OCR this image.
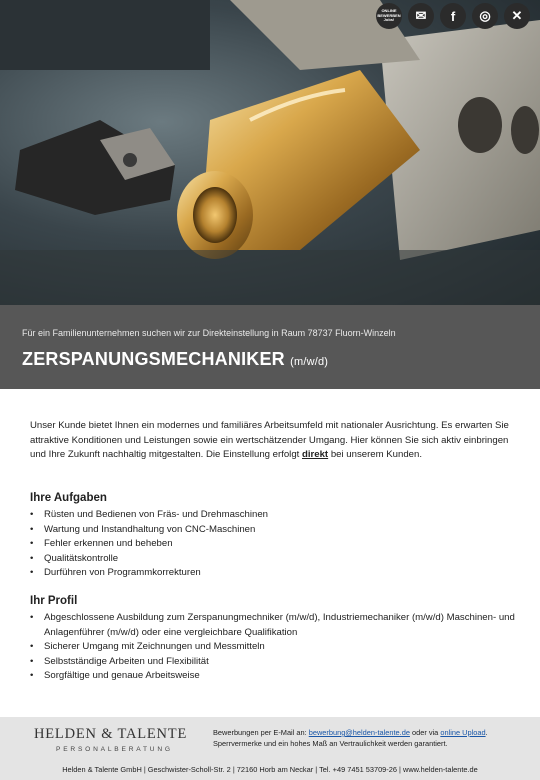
ONLINE
BEWERBEN
Jobs!	✉ f ◎ ✕
Für ein Familienunternehmen suchen wir zur Direkteinstellung in Raum 78737 Fluorn-Winzeln
ZERSPANUNGSMECHANIKER (m/w/d)

Unser Kunde bietet Ihnen ein modernes und familiäres Arbeitsumfeld mit nationaler Ausrichtung. Es erwarten Sie attraktive Konditionen und Leistungen sowie ein wertschätzender Umgang. Hier können Sie sich aktiv einbringen und Ihre Zukunft nachhaltig mitgestalten. Die Einstellung erfolgt direkt bei unserem Kunden.

Ihre Aufgaben
• Rüsten und Bedienen von Fräs- und Drehmaschinen
• Wartung und Instandhaltung von CNC-Maschinen
• Fehler erkennen und beheben
• Qualitätskontrolle
• Durführen von Programmkorrekturen
Ihr Profil
• Abgeschlossene Ausbildung zum Zerspanungmechniker (m/w/d), Industriemechaniker (m/w/d) Maschinen- und Anlagenführer (m/w/d) oder eine vergleichbare Qualifikation
• Sicherer Umgang mit Zeichnungen und Messmitteln
• Selbstständige Arbeiten und Flexibilität
• Sorgfältige und genaue Arbeitsweise
HELDEN & TALENTE
PERSONALBERATUNG
Bewerbungen per E-Mail an: bewerbung@helden-talente.de oder via online Upload.
Sperrvermerke und ein hohes Maß an Vertraulichkeit werden garantiert.
Helden & Talente GmbH | Geschwister-Scholl-Str. 2 | 72160 Horb am Neckar | Tel. +49 7451 53709-26 | www.helden-talente.de
